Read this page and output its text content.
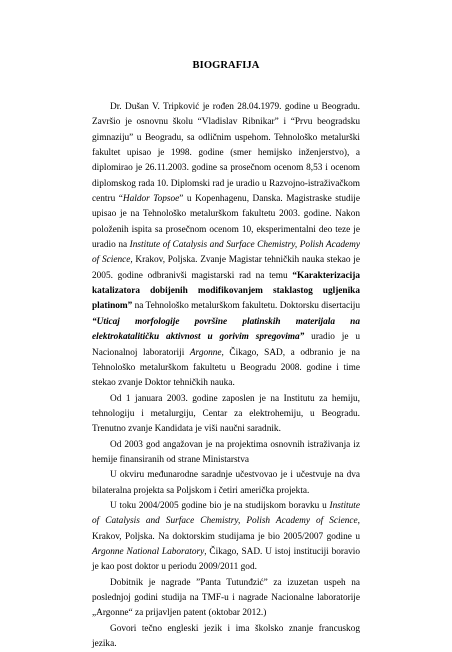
BIOGRAFIJA

Dr. Dušan V. Tripković je rođen 28.04.1979. godine u Beogradu. Završio je osnovnu školu “Vladislav Ribnikar” i “Prvu beogradsku gimnaziju” u Beogradu, sa odličnim uspehom. Tehnološko metalurški fakultet upisao je 1998. godine (smer hemijsko inženjerstvo), a diplomirao je 26.11.2003. godine sa prosečnom ocenom 8,53 i ocenom diplomskog rada 10. Diplomski rad je uradio u Razvojno-istraživačkom centru “Haldor Topsoe” u Kopenhagenu, Danska. Magistraske studije upisao je na Tehnološko metalurškom fakultetu 2003. godine. Nakon položenih ispita sa prosečnom ocenom 10, eksperimentalni deo teze je uradio na Institute of Catalysis and Surface Chemistry, Polish Academy of Science, Krakov, Poljska. Zvanje Magistar tehničkih nauka stekao je 2005. godine odbranivši magistarski rad na temu “Karakterizacija katalizatora dobijenih modifikovanjem staklastog ugljenika platinom” na Tehnološko metalurškom fakultetu. Doktorsku disertaciju “Uticaj morfologije površine platinskih materijala na elektrokatalitičku aktivnost u gorivim spregovima” uradio je u Nacionalnoj laboratoriji Argonne, Čikago, SAD, a odbranio je na Tehnološko metalurškom fakultetu u Beogradu 2008. godine i time stekao zvanje Doktor tehničkih nauka.

Od 1 januara 2003. godine zaposlen je na Institutu za hemiju, tehnologiju i metalurgiju, Centar za elektrohemiju, u Beogradu. Trenutno zvanje Kandidata je viši naučni saradnik.

Od 2003 god angažovan je na projektima osnovnih istraživanja iz hemije finansiranih od strane Ministarstva

U okviru međunarodne saradnje učestvovao je i učestvuje na dva bilateralna projekta sa Poljskom i četiri američka projekta.

U toku 2004/2005 godine bio je na studijskom boravku u Institute of Catalysis and Surface Chemistry, Polish Academy of Science, Krakov, Poljska. Na doktorskim studijama je bio 2005/2007 godine u Argonne National Laboratory, Čikago, SAD. U istoj instituciji boravio je kao post doktor u periodu 2009/2011 god.

Dobitnik je nagrade ”Panta Tutunđzić” za izuzetan uspeh na poslednjoj godini studija na TMF-u i nagrade Nacionalne laboratorije „Argonne“ za prijavljen patent (oktobar 2012.)

Govori tečno engleski jezik i ima školsko znanje francuskog jezika.
